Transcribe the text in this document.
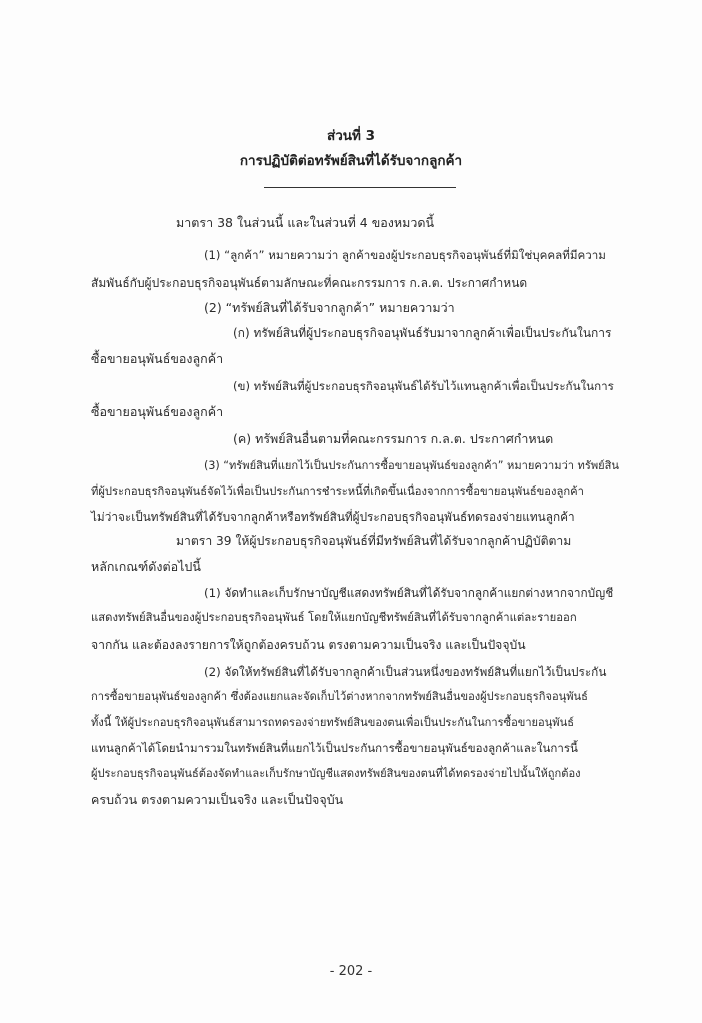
ส่วนที่ 3
การปฏิบัติต่อทรัพย์สินที่ได้รับจากลูกค้า
มาตรา 38 ในส่วนนี้ และในส่วนที่ 4 ของหมวดนี้
(1) “ลูกค้า” หมายความว่า ลูกค้าของผู้ประกอบธุรกิจอนุพันธ์ที่มิใช่บุคคลที่มีความ
สัมพันธ์กับผู้ประกอบธุรกิจอนุพันธ์ตามลักษณะที่คณะกรรมการ ก.ล.ต. ประกาศกำหนด
(2) “ทรัพย์สินที่ได้รับจากลูกค้า” หมายความว่า
(ก) ทรัพย์สินที่ผู้ประกอบธุรกิจอนุพันธ์รับมาจากลูกค้าเพื่อเป็นประกันในการ
ซื้อขายอนุพันธ์ของลูกค้า
(ข) ทรัพย์สินที่ผู้ประกอบธุรกิจอนุพันธ์ได้รับไว้แทนลูกค้าเพื่อเป็นประกันในการ
ซื้อขายอนุพันธ์ของลูกค้า
(ค) ทรัพย์สินอื่นตามที่คณะกรรมการ ก.ล.ต. ประกาศกำหนด
(3) “ทรัพย์สินที่แยกไว้เป็นประกันการซื้อขายอนุพันธ์ของลูกค้า” หมายความว่า ทรัพย์สิน
ที่ผู้ประกอบธุรกิจอนุพันธ์จัดไว้เพื่อเป็นประกันการชำระหนี้ที่เกิดขึ้นเนื่องจากการซื้อขายอนุพันธ์ของลูกค้า
ไม่ว่าจะเป็นทรัพย์สินที่ได้รับจากลูกค้าหรือทรัพย์สินที่ผู้ประกอบธุรกิจอนุพันธ์ทดรองจ่ายแทนลูกค้า
มาตรา 39 ให้ผู้ประกอบธุรกิจอนุพันธ์ที่มีทรัพย์สินที่ได้รับจากลูกค้าปฏิบัติตาม
หลักเกณฑ์ดังต่อไปนี้
(1) จัดทำและเก็บรักษาบัญชีแสดงทรัพย์สินที่ได้รับจากลูกค้าแยกต่างหากจากบัญชี
แสดงทรัพย์สินอื่นของผู้ประกอบธุรกิจอนุพันธ์ โดยให้แยกบัญชีทรัพย์สินที่ได้รับจากลูกค้าแต่ละรายออก
จากกัน และต้องลงรายการให้ถูกต้องครบถ้วน ตรงตามความเป็นจริง และเป็นปัจจุบัน
(2) จัดให้ทรัพย์สินที่ได้รับจากลูกค้าเป็นส่วนหนึ่งของทรัพย์สินที่แยกไว้เป็นประกัน
การซื้อขายอนุพันธ์ของลูกค้า ซึ่งต้องแยกและจัดเก็บไว้ต่างหากจากทรัพย์สินอื่นของผู้ประกอบธุรกิจอนุพันธ์
ทั้งนี้ ให้ผู้ประกอบธุรกิจอนุพันธ์สามารถทดรองจ่ายทรัพย์สินของตนเพื่อเป็นประกันในการซื้อขายอนุพันธ์
แทนลูกค้าได้โดยนำมารวมในทรัพย์สินที่แยกไว้เป็นประกันการซื้อขายอนุพันธ์ของลูกค้าและในการนี้
ผู้ประกอบธุรกิจอนุพันธ์ต้องจัดทำและเก็บรักษาบัญชีแสดงทรัพย์สินของตนที่ได้ทดรองจ่ายไปนั้นให้ถูกต้อง
ครบถ้วน ตรงตามความเป็นจริง และเป็นปัจจุบัน
- 202 -
